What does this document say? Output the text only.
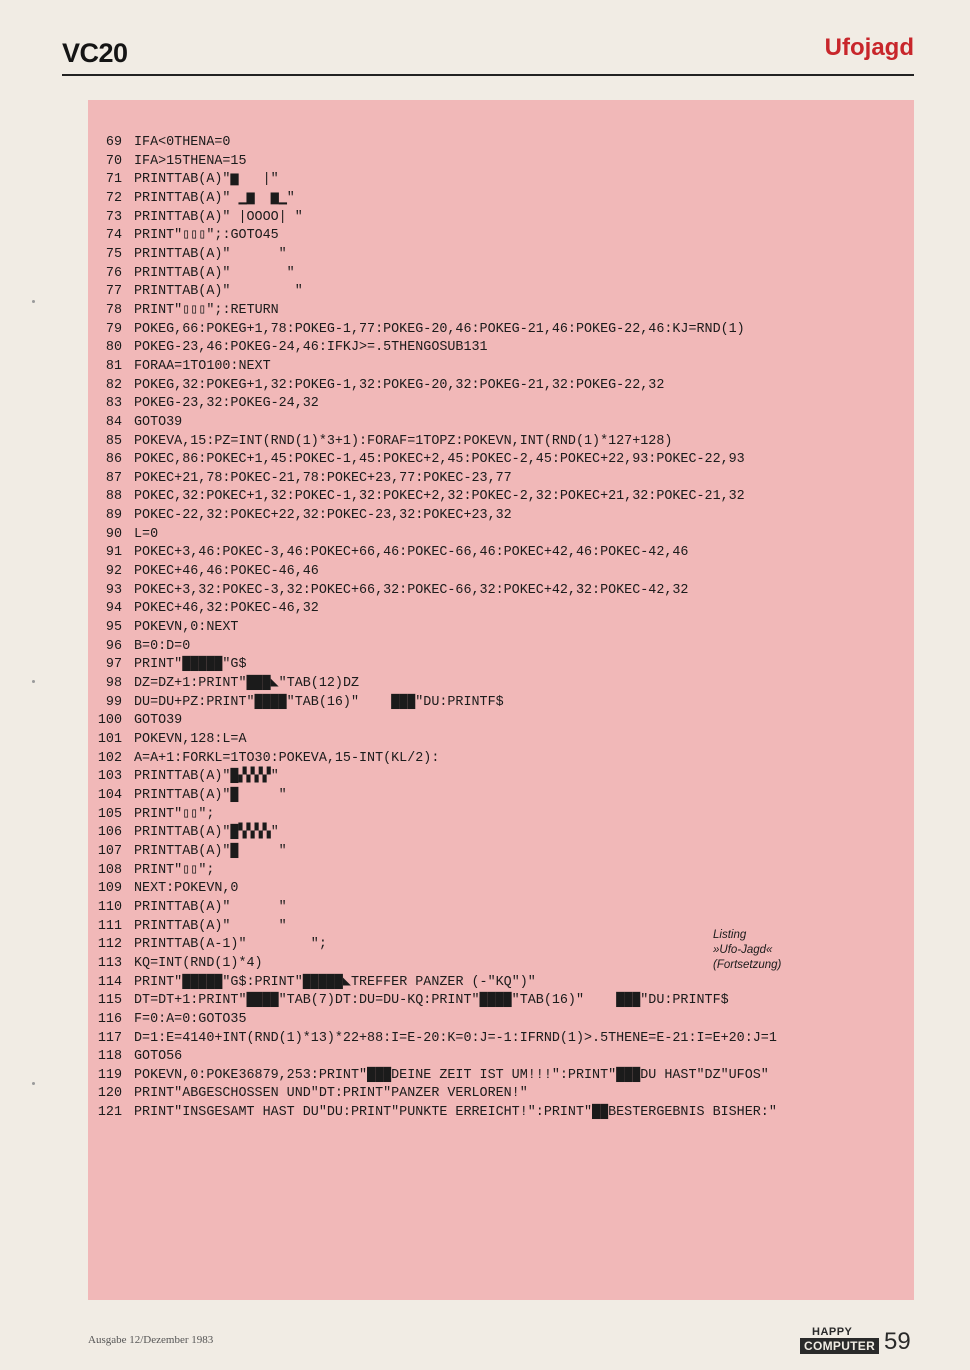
VC20	Ufojagd
69 IFA<0THENA=0
70 IFA>15THENA=15
71 PRINTTAB(A)"▆   |"
72 PRINTTAB(A)" ▁▆  ▆▁"
73 PRINTTAB(A)" |OOOO| "
74 PRINT"▯▯▯";:GOTO45
75 PRINTTAB(A)"      "
76 PRINTTAB(A)"       "
77 PRINTTAB(A)"        "
78 PRINT"▯▯▯";:RETURN
79 POKEG,66:POKEG+1,78:POKEG-1,77:POKEG-20,46:POKEG-21,46:POKEG-22,46:KJ=RND(1)
80 POKEG-23,46:POKEG-24,46:IFKJ>=.5THENGOSUB131
81 FORAA=1TO100:NEXT
82 POKEG,32:POKEG+1,32:POKEG-1,32:POKEG-20,32:POKEG-21,32:POKEG-22,32
83 POKEG-23,32:POKEG-24,32
84 GOTO39
85 POKEVA,15:PZ=INT(RND(1)*3+1):FORAF=1TOPZ:POKEVN,INT(RND(1)*127+128)
86 POKEC,86:POKEC+1,45:POKEC-1,45:POKEC+2,45:POKEC-2,45:POKEC+22,93:POKEC-22,93
87 POKEC+21,78:POKEC-21,78:POKEC+23,77:POKEC-23,77
88 POKEC,32:POKEC+1,32:POKEC-1,32:POKEC+2,32:POKEC-2,32:POKEC+21,32:POKEC-21,32
89 POKEC-22,32:POKEC+22,32:POKEC-23,32:POKEC+23,32
90 L=0
91 POKEC+3,46:POKEC-3,46:POKEC+66,46:POKEC-66,46:POKEC+42,46:POKEC-42,46
92 POKEC+46,46:POKEC-46,46
93 POKEC+3,32:POKEC-3,32:POKEC+66,32:POKEC-66,32:POKEC+42,32:POKEC-42,32
94 POKEC+46,32:POKEC-46,32
95 POKEVN,0:NEXT
96 B=0:D=0
97 PRINT"█████"G$
98 DZ=DZ+1:PRINT"███◣"TAB(12)DZ
99 DU=DU+PZ:PRINT"████"TAB(16)"    ███"DU:PRINTF$
100 GOTO39
101 POKEVN,128:L=A
102 A=A+1:FORKL=1TO30:POKEVA,15-INT(KL/2):
103 PRINTTAB(A)"█▞▞▞▞"
104 PRINTTAB(A)"█     "
105 PRINT"▯▯";
106 PRINTTAB(A)"█▚▚▚▚"
107 PRINTTAB(A)"█     "
108 PRINT"▯▯";
109 NEXT:POKEVN,0
110 PRINTTAB(A)"      "
111 PRINTTAB(A)"      "
112 PRINTTAB(A-1)"        ";
113 KQ=INT(RND(1)*4)
114 PRINT"█████"G$:PRINT"█████◣TREFFER PANZER (-"KQ")"
115 DT=DT+1:PRINT"████"TAB(7)DT:DU=DU-KQ:PRINT"████"TAB(16)"    ███"DU:PRINTF$
116 F=0:A=0:GOTO35
117 D=1:E=4140+INT(RND(1)*13)*22+88:I=E-20:K=0:J=-1:IFRND(1)>.5THENE=E-21:I=E+20:J=1
118 GOTO56
119 POKEVN,0:POKE36879,253:PRINT"███DEINE ZEIT IST UM!!!":PRINT"███DU HAST"DZ"UFOS"
120 PRINT"ABGESCHOSSEN UND"DT:PRINT"PANZER VERLOREN!"
121 PRINT"INSGESAMT HAST DU"DU:PRINT"PUNKTE ERREICHT!":PRINT"██BESTERGEBNIS BISHER:"
Listing
»Ufo-Jagd«
(Fortsetzung)
Ausgabe 12/Dezember 1983
HAPPY
COMPUTER 59
